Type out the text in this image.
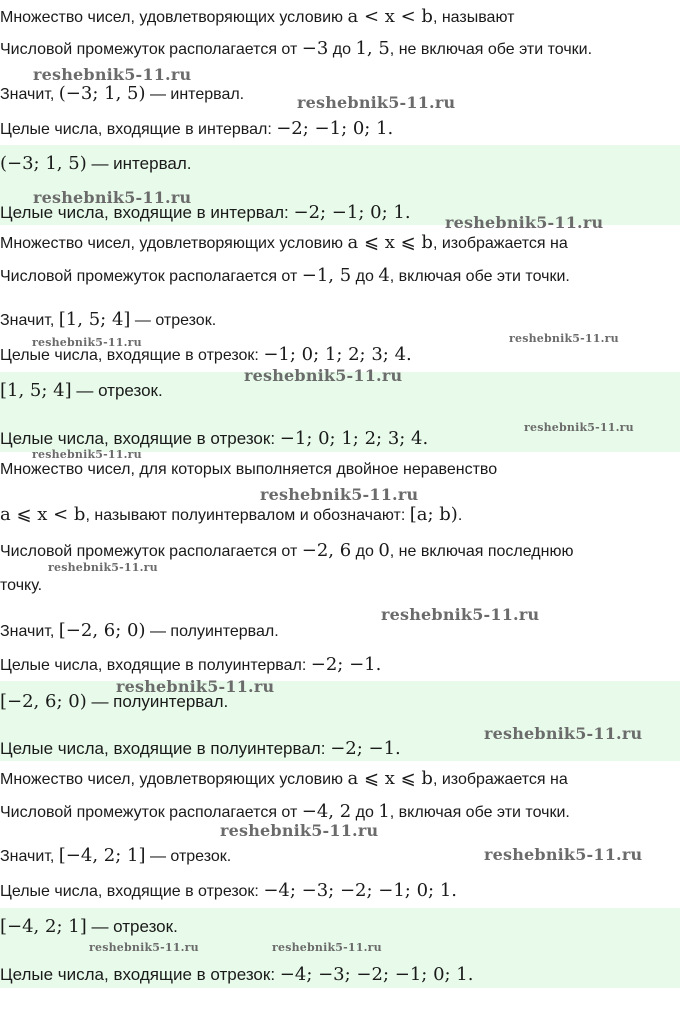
Множество чисел, удовлетворяющих условию a < x < b, называют
Числовой промежуток располагается от −3 до 1, 5, не включая обе эти точки.
Значит, (−3; 1, 5) — интервал.
Целые числа, входящие в интервал: −2; −1; 0; 1.
(−3; 1, 5) — интервал.
Целые числа, входящие в интервал: −2; −1; 0; 1.
Множество чисел, удовлетворяющих условию a ⩽ x ⩽ b, изображается на
Числовой промежуток располагается от −1, 5 до 4, включая обе эти точки.
Значит, [1, 5; 4] — отрезок.
Целые числа, входящие в отрезок: −1; 0; 1; 2; 3; 4.
[1, 5; 4] — отрезок.
Целые числа, входящие в отрезок: −1; 0; 1; 2; 3; 4.
Множество чисел, для которых выполняется двойное неравенство
a ⩽ x < b, называют полуинтервалом и обозначают: [a; b).
Числовой промежуток располагается от −2, 6 до 0, не включая последнюю
точку.
Значит, [−2, 6; 0) — полуинтервал.
Целые числа, входящие в полуинтервал: −2; −1.
[−2, 6; 0) — полуинтервал.
Целые числа, входящие в полуинтервал: −2; −1.
Множество чисел, удовлетворяющих условию a ⩽ x ⩽ b, изображается на
Числовой промежуток располагается от −4, 2 до 1, включая обе эти точки.
Значит, [−4, 2; 1] — отрезок.
Целые числа, входящие в отрезок: −4; −3; −2; −1; 0; 1.
[−4, 2; 1] — отрезок.
Целые числа, входящие в отрезок: −4; −3; −2; −1; 0; 1.
reshebnik5-11.ru
reshebnik5-11.ru
reshebnik5-11.ru
reshebnik5-11.ru
reshebnik5-11.ru	reshebnik5-11.ru
reshebnik5-11.ru
reshebnik5-11.ru
reshebnik5-11.ru
reshebnik5-11.ru
reshebnik5-11.ru
reshebnik5-11.ru
reshebnik5-11.ru
reshebnik5-11.ru
reshebnik5-11.ru
reshebnik5-11.ru
reshebnik5-11.ru	reshebnik5-11.ru
